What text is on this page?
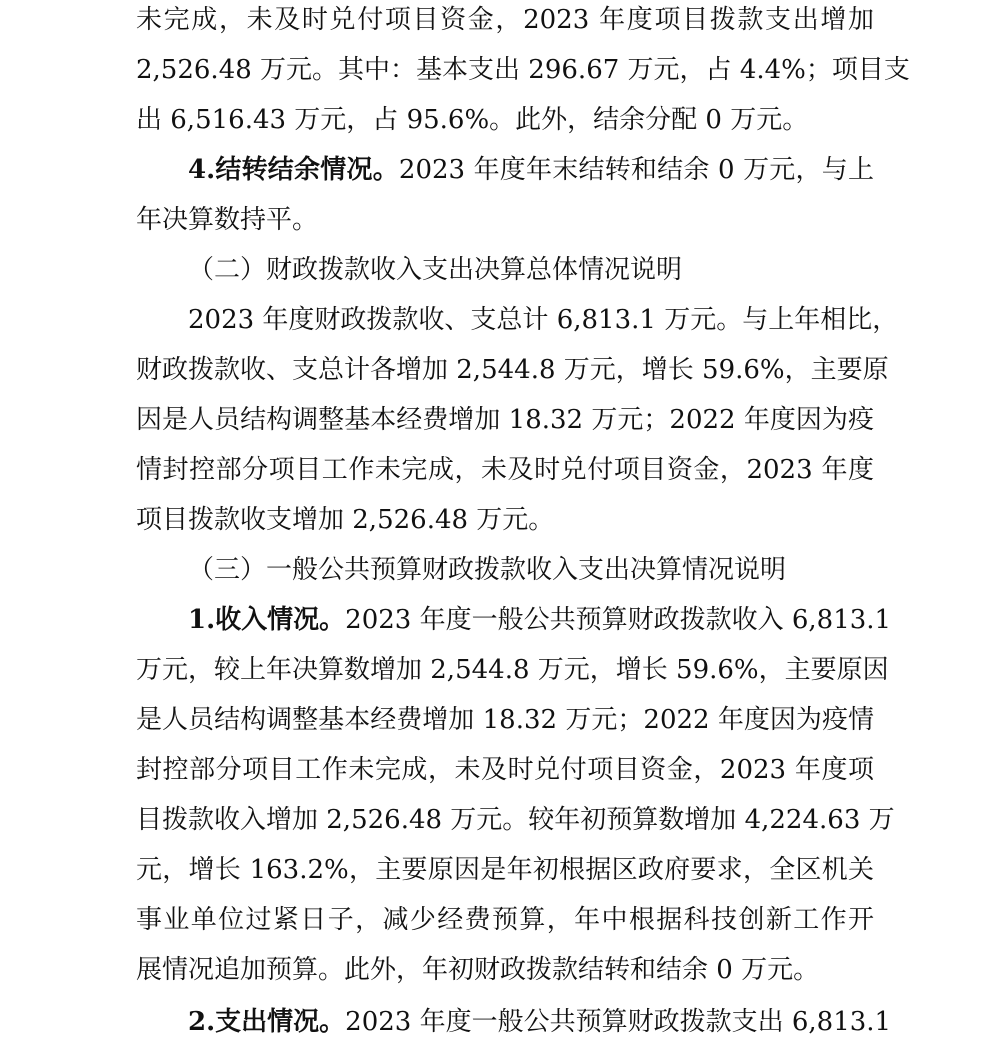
未完成，未及时兑付项目资金，2023 年度项目拨款支出增加
2,526.48 万元。其中：基本支出 296.67 万元，占 4.4%；项目支
出 6,516.43 万元，占 95.6%。此外，结余分配 0 万元。
4.结转结余情况。2023 年度年末结转和结余 0 万元，与上
年决算数持平。
（二）财政拨款收入支出决算总体情况说明
2023 年度财政拨款收、支总计 6,813.1 万元。与上年相比，
财政拨款收、支总计各增加 2,544.8 万元，增长 59.6%，主要原
因是人员结构调整基本经费增加 18.32 万元；2022 年度因为疫
情封控部分项目工作未完成，未及时兑付项目资金，2023 年度
项目拨款收支增加 2,526.48 万元。
（三）一般公共预算财政拨款收入支出决算情况说明
1.收入情况。2023 年度一般公共预算财政拨款收入 6,813.1
万元，较上年决算数增加 2,544.8 万元，增长 59.6%，主要原因
是人员结构调整基本经费增加 18.32 万元；2022 年度因为疫情
封控部分项目工作未完成，未及时兑付项目资金，2023 年度项
目拨款收入增加 2,526.48 万元。较年初预算数增加 4,224.63 万
元，增长 163.2%，主要原因是年初根据区政府要求，全区机关
事业单位过紧日子，减少经费预算，年中根据科技创新工作开
展情况追加预算。此外，年初财政拨款结转和结余 0 万元。
2.支出情况。2023 年度一般公共预算财政拨款支出 6,813.1
